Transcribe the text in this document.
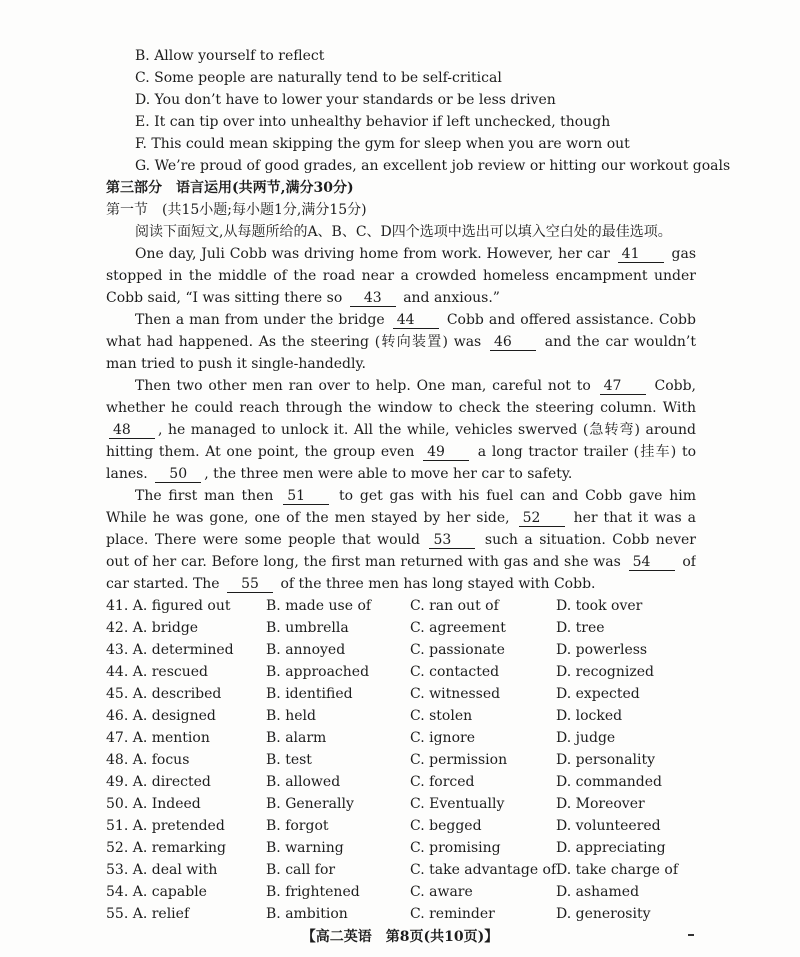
B. Allow yourself to reflect
C. Some people are naturally tend to be self-critical
D. You don’t have to lower your standards or be less driven
E. It can tip over into unhealthy behavior if left unchecked, though
F. This could mean skipping the gym for sleep when you are worn out
G. We’re proud of good grades, an excellent job review or hitting our workout goals
第三部分　语言运用(共两节,满分30分)
第一节　(共15小题;每小题1分,满分15分)
阅读下面短文,从每题所给的A、B、C、D四个选项中选出可以填入空白处的最佳选项。
One day, Juli Cobb was driving home from work. However, her car 41 gas
stopped in the middle of the road near a crowded homeless encampment under
Cobb said, “I was sitting there so 43 and anxious.”
Then a man from under the bridge 44 Cobb and offered assistance. Cobb
what had happened. As the steering (转向装置) was 46 and the car wouldn’t
man tried to push it single-handedly.
Then two other men ran over to help. One man, careful not to 47 Cobb,
whether he could reach through the window to check the steering column. With
48 , he managed to unlock it. All the while, vehicles swerved (急转弯) around
hitting them. At one point, the group even 49 a long tractor trailer (挂车) to
lanes. 50 , the three men were able to move her car to safety.
The first man then 51 to get gas with his fuel can and Cobb gave him
While he was gone, one of the men stayed by her side, 52 her that it was a
place. There were some people that would 53 such a situation. Cobb never
out of her car. Before long, the first man returned with gas and she was 54 of
car started. The 55 of the three men has long stayed with Cobb.
41. A. figured out	B. made use of	C. ran out of	D. took over
42. A. bridge	B. umbrella	C. agreement	D. tree
43. A. determined B. annoyed	C. passionate	D. powerless
44. A. rescued	B. approached	C. contacted	D. recognized
45. A. described	B. identified	C. witnessed	D. expected
46. A. designed	B. held	C. stolen	D. locked
47. A. mention	B. alarm	C. ignore	D. judge
48. A. focus	B. test	C. permission	D. personality
49. A. directed	B. allowed	C. forced	D. commanded
50. A. Indeed	B. Generally	C. Eventually	D. Moreover
51. A. pretended	B. forgot	C. begged	D. volunteered
52. A. remarking	B. warning	C. promising	D. appreciating
53. A. deal with	B. call for	C. take advantage of D. take charge of
54. A. capable	B. frightened	C. aware	D. ashamed
55. A. relief	B. ambition	C. reminder	D. generosity
【高二英语　第8页(共10页)】
